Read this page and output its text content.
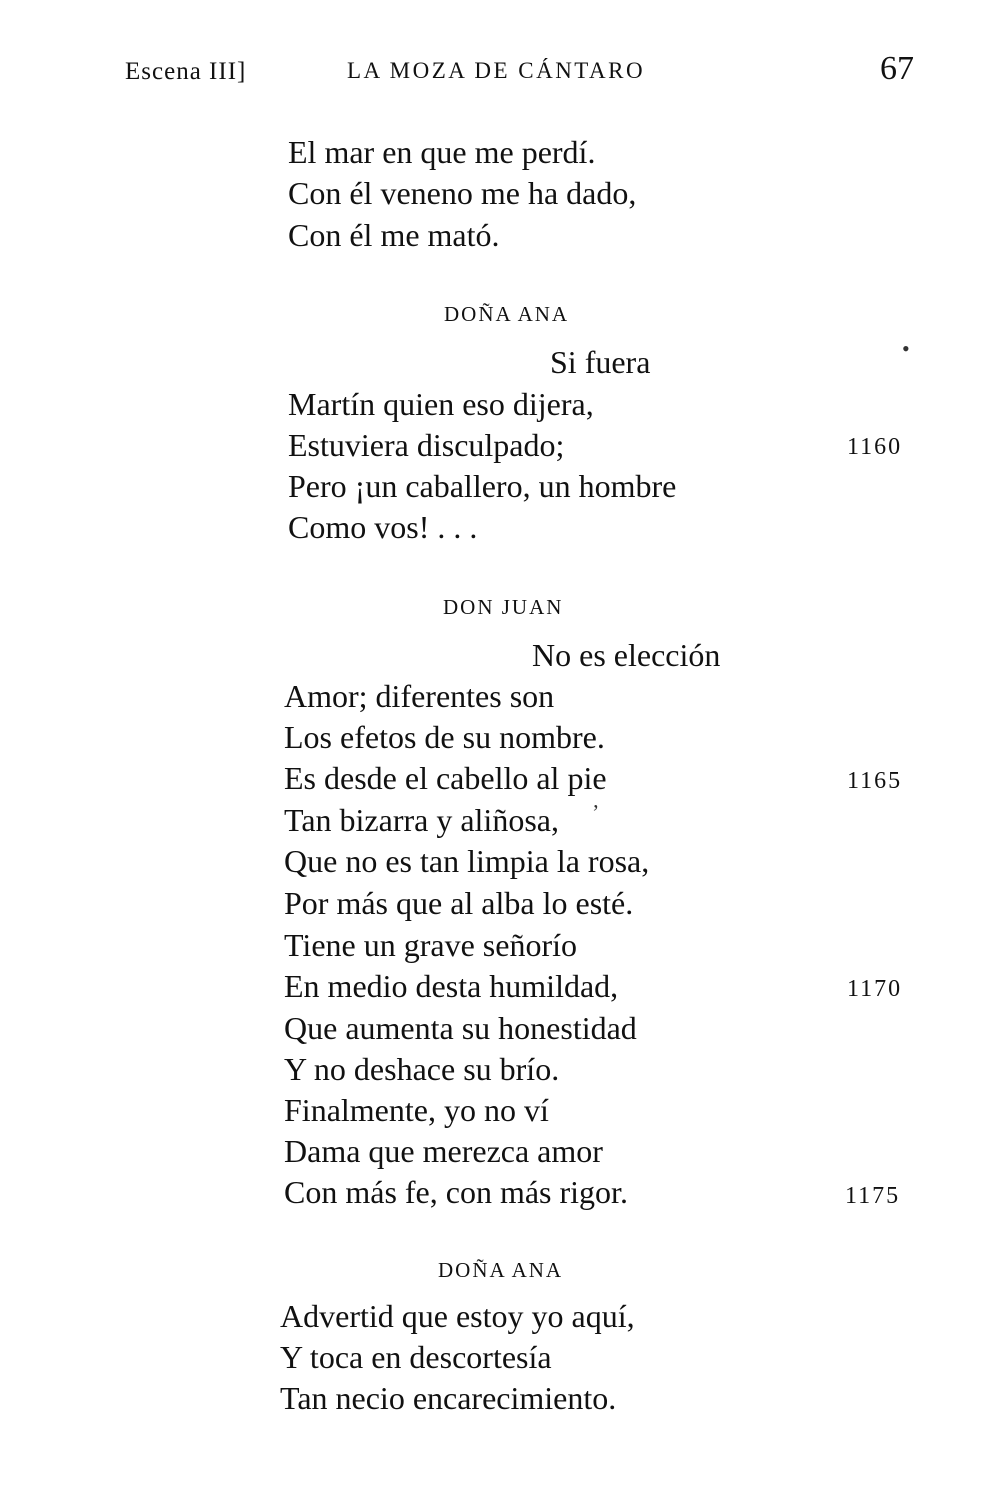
Escena III]	LA MOZA DE CÁNTARO	67
El mar en que me perdí.
Con él veneno me ha dado,
Con él me mató.
DOÑA ANA
Si fuera
Martín quien eso dijera,
Estuviera disculpado;	1160
Pero ¡un caballero, un hombre
Como vos! . . .
DON JUAN
No es elección
Amor; diferentes son
Los efetos de su nombre.
Es desde el cabello al pie	1165
Tan bizarra y aliñosa,
Que no es tan limpia la rosa,
Por más que al alba lo esté.
Tiene un grave señorío
En medio desta humildad,	1170
Que aumenta su honestidad
Y no deshace su brío.
Finalmente, yo no ví
Dama que merezca amor
Con más fe, con más rigor.	1175
DOÑA ANA
Advertid que estoy yo aquí,
Y toca en descortesía
Tan necio encarecimiento.
•
ʼ
